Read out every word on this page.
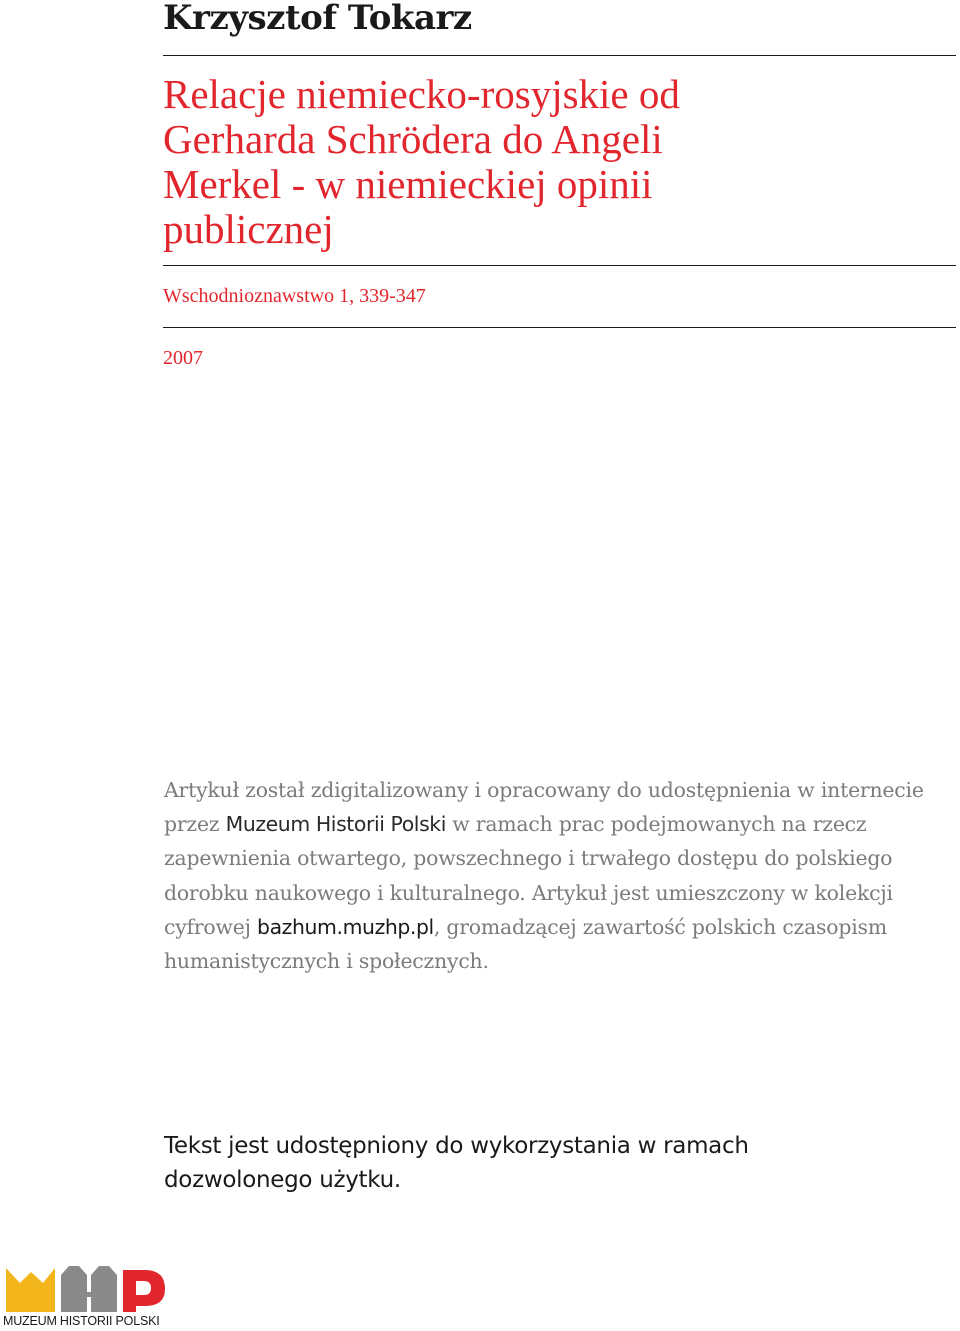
Krzysztof Tokarz
Relacje niemiecko-rosyjskie od
Gerharda Schrödera do Angeli
Merkel - w niemieckiej opinii
publicznej
Wschodnioznawstwo 1, 339-347
2007

Artykuł został zdigitalizowany i opracowany do udostępnienia w internecie przez Muzeum Historii Polski w ramach prac podejmowanych na rzecz zapewnienia otwartego, powszechnego i trwałego dostępu do polskiego dorobku naukowego i kulturalnego. Artykuł jest umieszczony w kolekcji cyfrowej bazhum.muzhp.pl, gromadzącej zawartość polskich czasopism humanistycznych i społecznych.

Tekst jest udostępniony do wykorzystania w ramach
dozwolonego użytku.

MUZEUM HISTORII POLSKI
